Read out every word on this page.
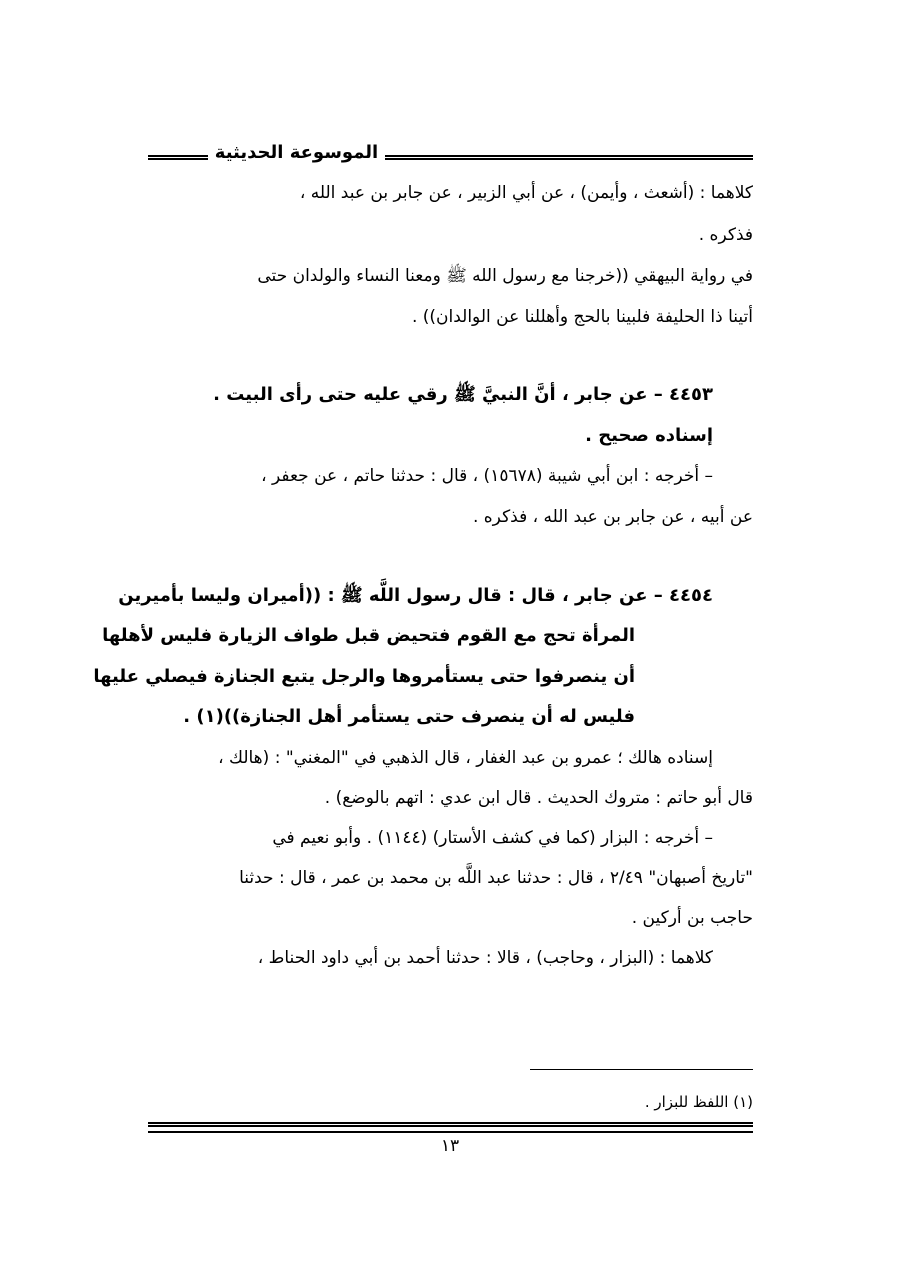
الموسوعة الحديثية
كلاهما : (أشعث ، وأيمن) ، عن أبي الزبير ، عن جابر بن عبد الله ،
فذكره .
في رواية البيهقي ((خرجنا مع رسول الله ﷺ ومعنا النساء والولدان حتى
أتينا ذا الحليفة فلبينا بالحج وأهللنا عن الوالدان)) .
٤٤٥٣ – عن جابر ، أنَّ النبيَّ ﷺ رقي عليه حتى رأى البيت .
إسناده صحيح .
– أخرجه : ابن أبي شيبة (١٥٦٧٨) ، قال : حدثنا حاتم ، عن جعفر ،
عن أبيه ، عن جابر بن عبد الله ، فذكره .
٤٤٥٤ – عن جابر ، قال : قال رسول اللَّه ﷺ : ((أميران وليسا بأميرين
المرأة تحج مع القوم فتحيض قبل طواف الزيارة فليس لأهلها
أن ينصرفوا حتى يستأمروها والرجل يتبع الجنازة فيصلي عليها
فليس له أن ينصرف حتى يستأمر أهل الجنازة))(١) .
إسناده هالك ؛ عمرو بن عبد الغفار ، قال الذهبي في "المغني" : (هالك ،
قال أبو حاتم : متروك الحديث . قال ابن عدي : اتهم بالوضع) .
– أخرجه : البزار (كما في كشف الأستار) (١١٤٤) . وأبو نعيم في
"تاريخ أصبهان" ٢/٤٩ ، قال : حدثنا عبد اللَّه بن محمد بن عمر ، قال : حدثنا
حاجب بن أركين .
كلاهما : (البزار ، وحاجب) ، قالا : حدثنا أحمد بن أبي داود الحناط ،
(١) اللفظ للبزار .
١٣
